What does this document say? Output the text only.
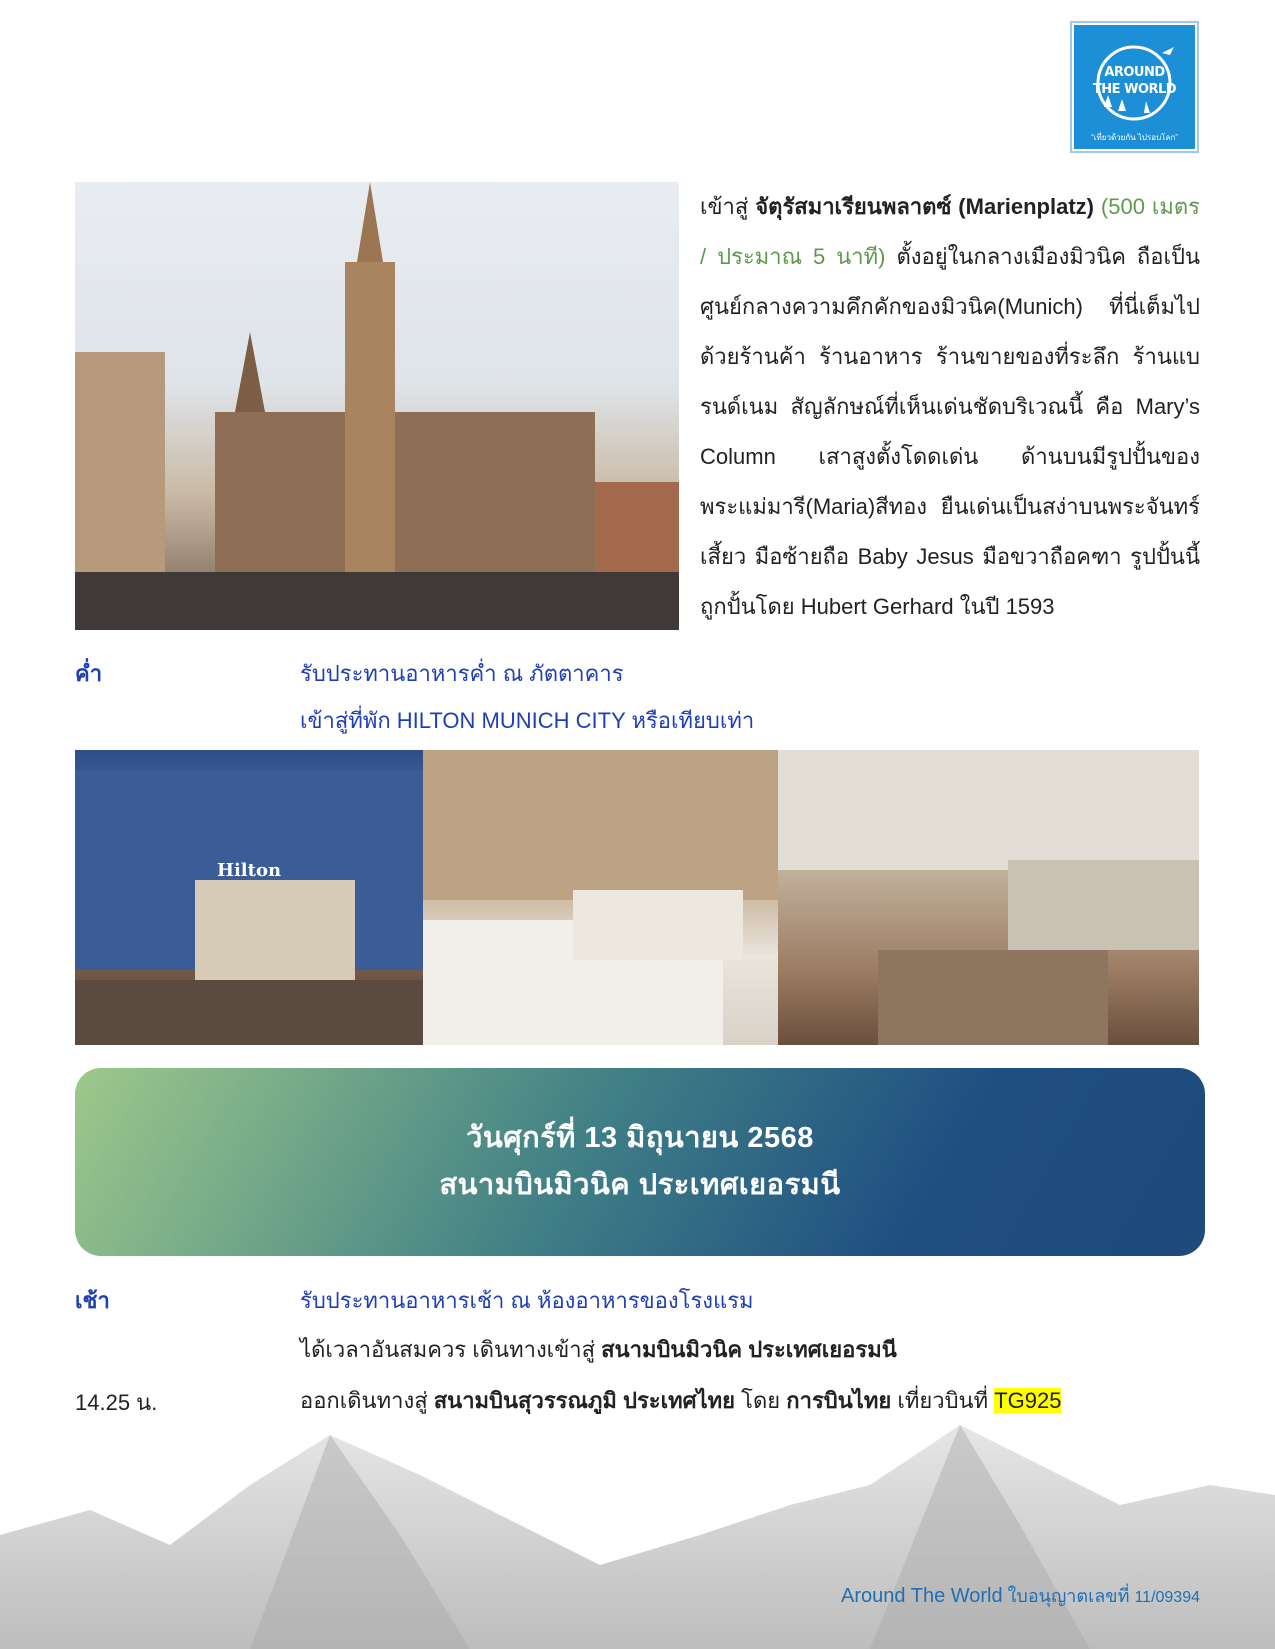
AROUND
THE WORLD
“เที่ยวด้วยกัน ไปรอบโลก”
เข้าสู่ จัตุรัสมาเรียนพลาตซ์ (Marienplatz) (500 เมตร / ประมาณ 5 นาที) ตั้งอยู่ในกลางเมืองมิวนิค ถือเป็นศูนย์กลางความคึกคักของมิวนิค(Munich) ที่นี่เต็มไปด้วยร้านค้า ร้านอาหาร ร้านขายของที่ระลึก ร้านแบรนด์เนม สัญลักษณ์ที่เห็นเด่นชัดบริเวณนี้ คือ Mary’s Column เสาสูงตั้งโดดเด่น ด้านบนมีรูปปั้นของพระแม่มารี(Maria)สีทอง ยืนเด่นเป็นสง่าบนพระจันทร์เสี้ยว มือซ้ายถือ Baby Jesus มือขวาถือคฑา รูปปั้นนี้ถูกปั้นโดย Hubert Gerhard ในปี 1593
ค่ำ	รับประทานอาหารค่ำ ณ ภัตตาคาร
เข้าสู่ที่พัก HILTON MUNICH CITY หรือเทียบเท่า
Hilton
วันศุกร์ที่ 13 มิถุนายน 2568
สนามบินมิวนิค ประเทศเยอรมนี
เช้า	รับประทานอาหารเช้า ณ ห้องอาหารของโรงแรม
ได้เวลาอันสมควร เดินทางเข้าสู่ สนามบินมิวนิค ประเทศเยอรมนี
14.25 น.	ออกเดินทางสู่ สนามบินสุวรรณภูมิ ประเทศไทย โดย การบินไทย เที่ยวบินที่ TG925
Around The World ใบอนุญาตเลขที่ 11/09394
